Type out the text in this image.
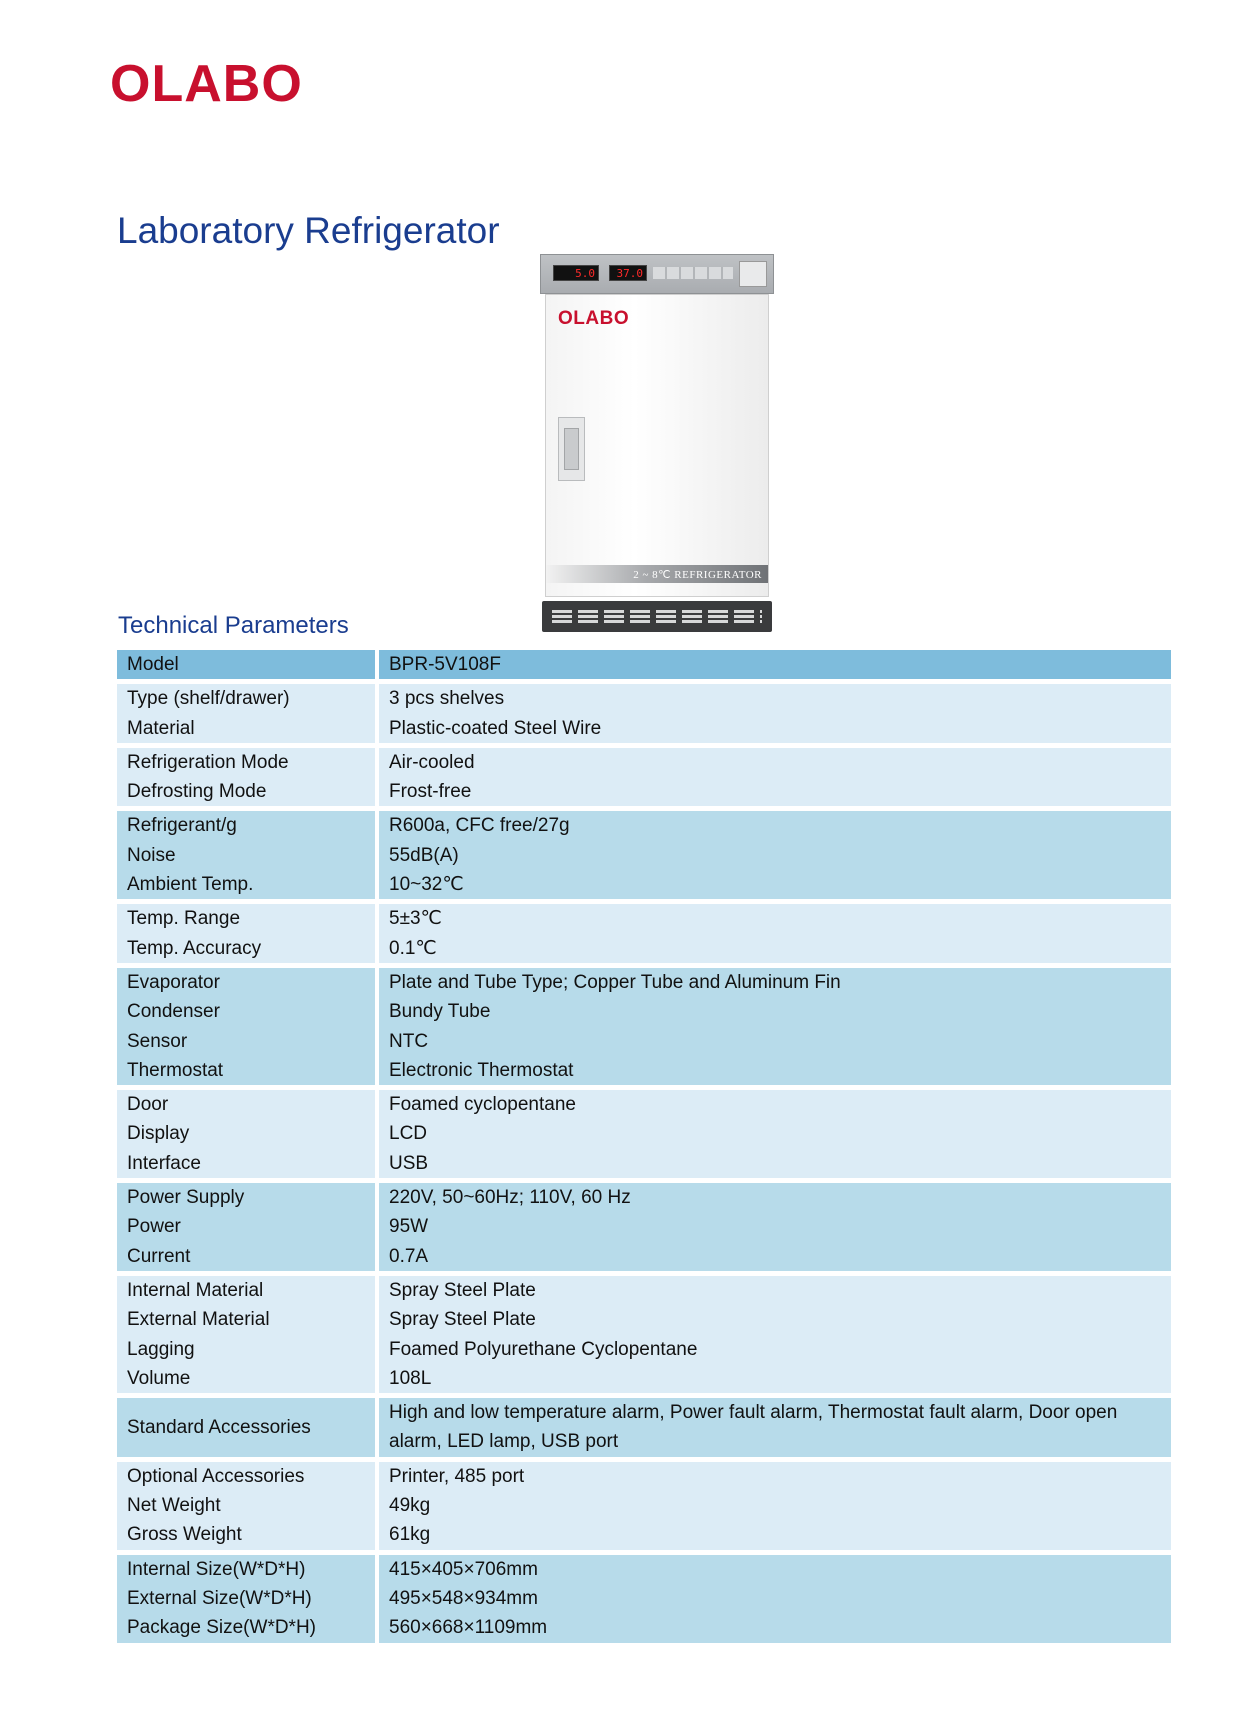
OLABO
Laboratory Refrigerator
5.0	37.0
OLABO
2 ~ 8℃ REFRIGERATOR
Technical Parameters
Model	BPR-5V108F
Type (shelf/drawer)
Material
3 pcs shelves
Plastic-coated Steel Wire
Refrigeration Mode
Defrosting Mode
Air-cooled
Frost-free
Refrigerant/g
Noise
Ambient Temp.
R600a, CFC free/27g
55dB(A)
10~32℃
Temp. Range
Temp. Accuracy
5±3℃
0.1℃
Evaporator
Condenser
Sensor
Thermostat
Plate and Tube Type; Copper Tube and Aluminum Fin
Bundy Tube
NTC
Electronic Thermostat
Door
Display
Interface
Foamed cyclopentane
LCD
USB
Power Supply
Power
Current
220V, 50~60Hz; 110V, 60 Hz
95W
0.7A
Internal Material
External Material
Lagging
Volume
Spray Steel Plate
Spray Steel Plate
Foamed Polyurethane Cyclopentane
108L
Standard Accessories
High and low temperature alarm, Power fault alarm, Thermostat fault alarm, Door open alarm, LED lamp, USB port
Optional Accessories
Net Weight
Gross Weight
Printer, 485 port
49kg
61kg
Internal Size(W*D*H)
External Size(W*D*H)
Package Size(W*D*H)
415×405×706mm
495×548×934mm
560×668×1109mm
